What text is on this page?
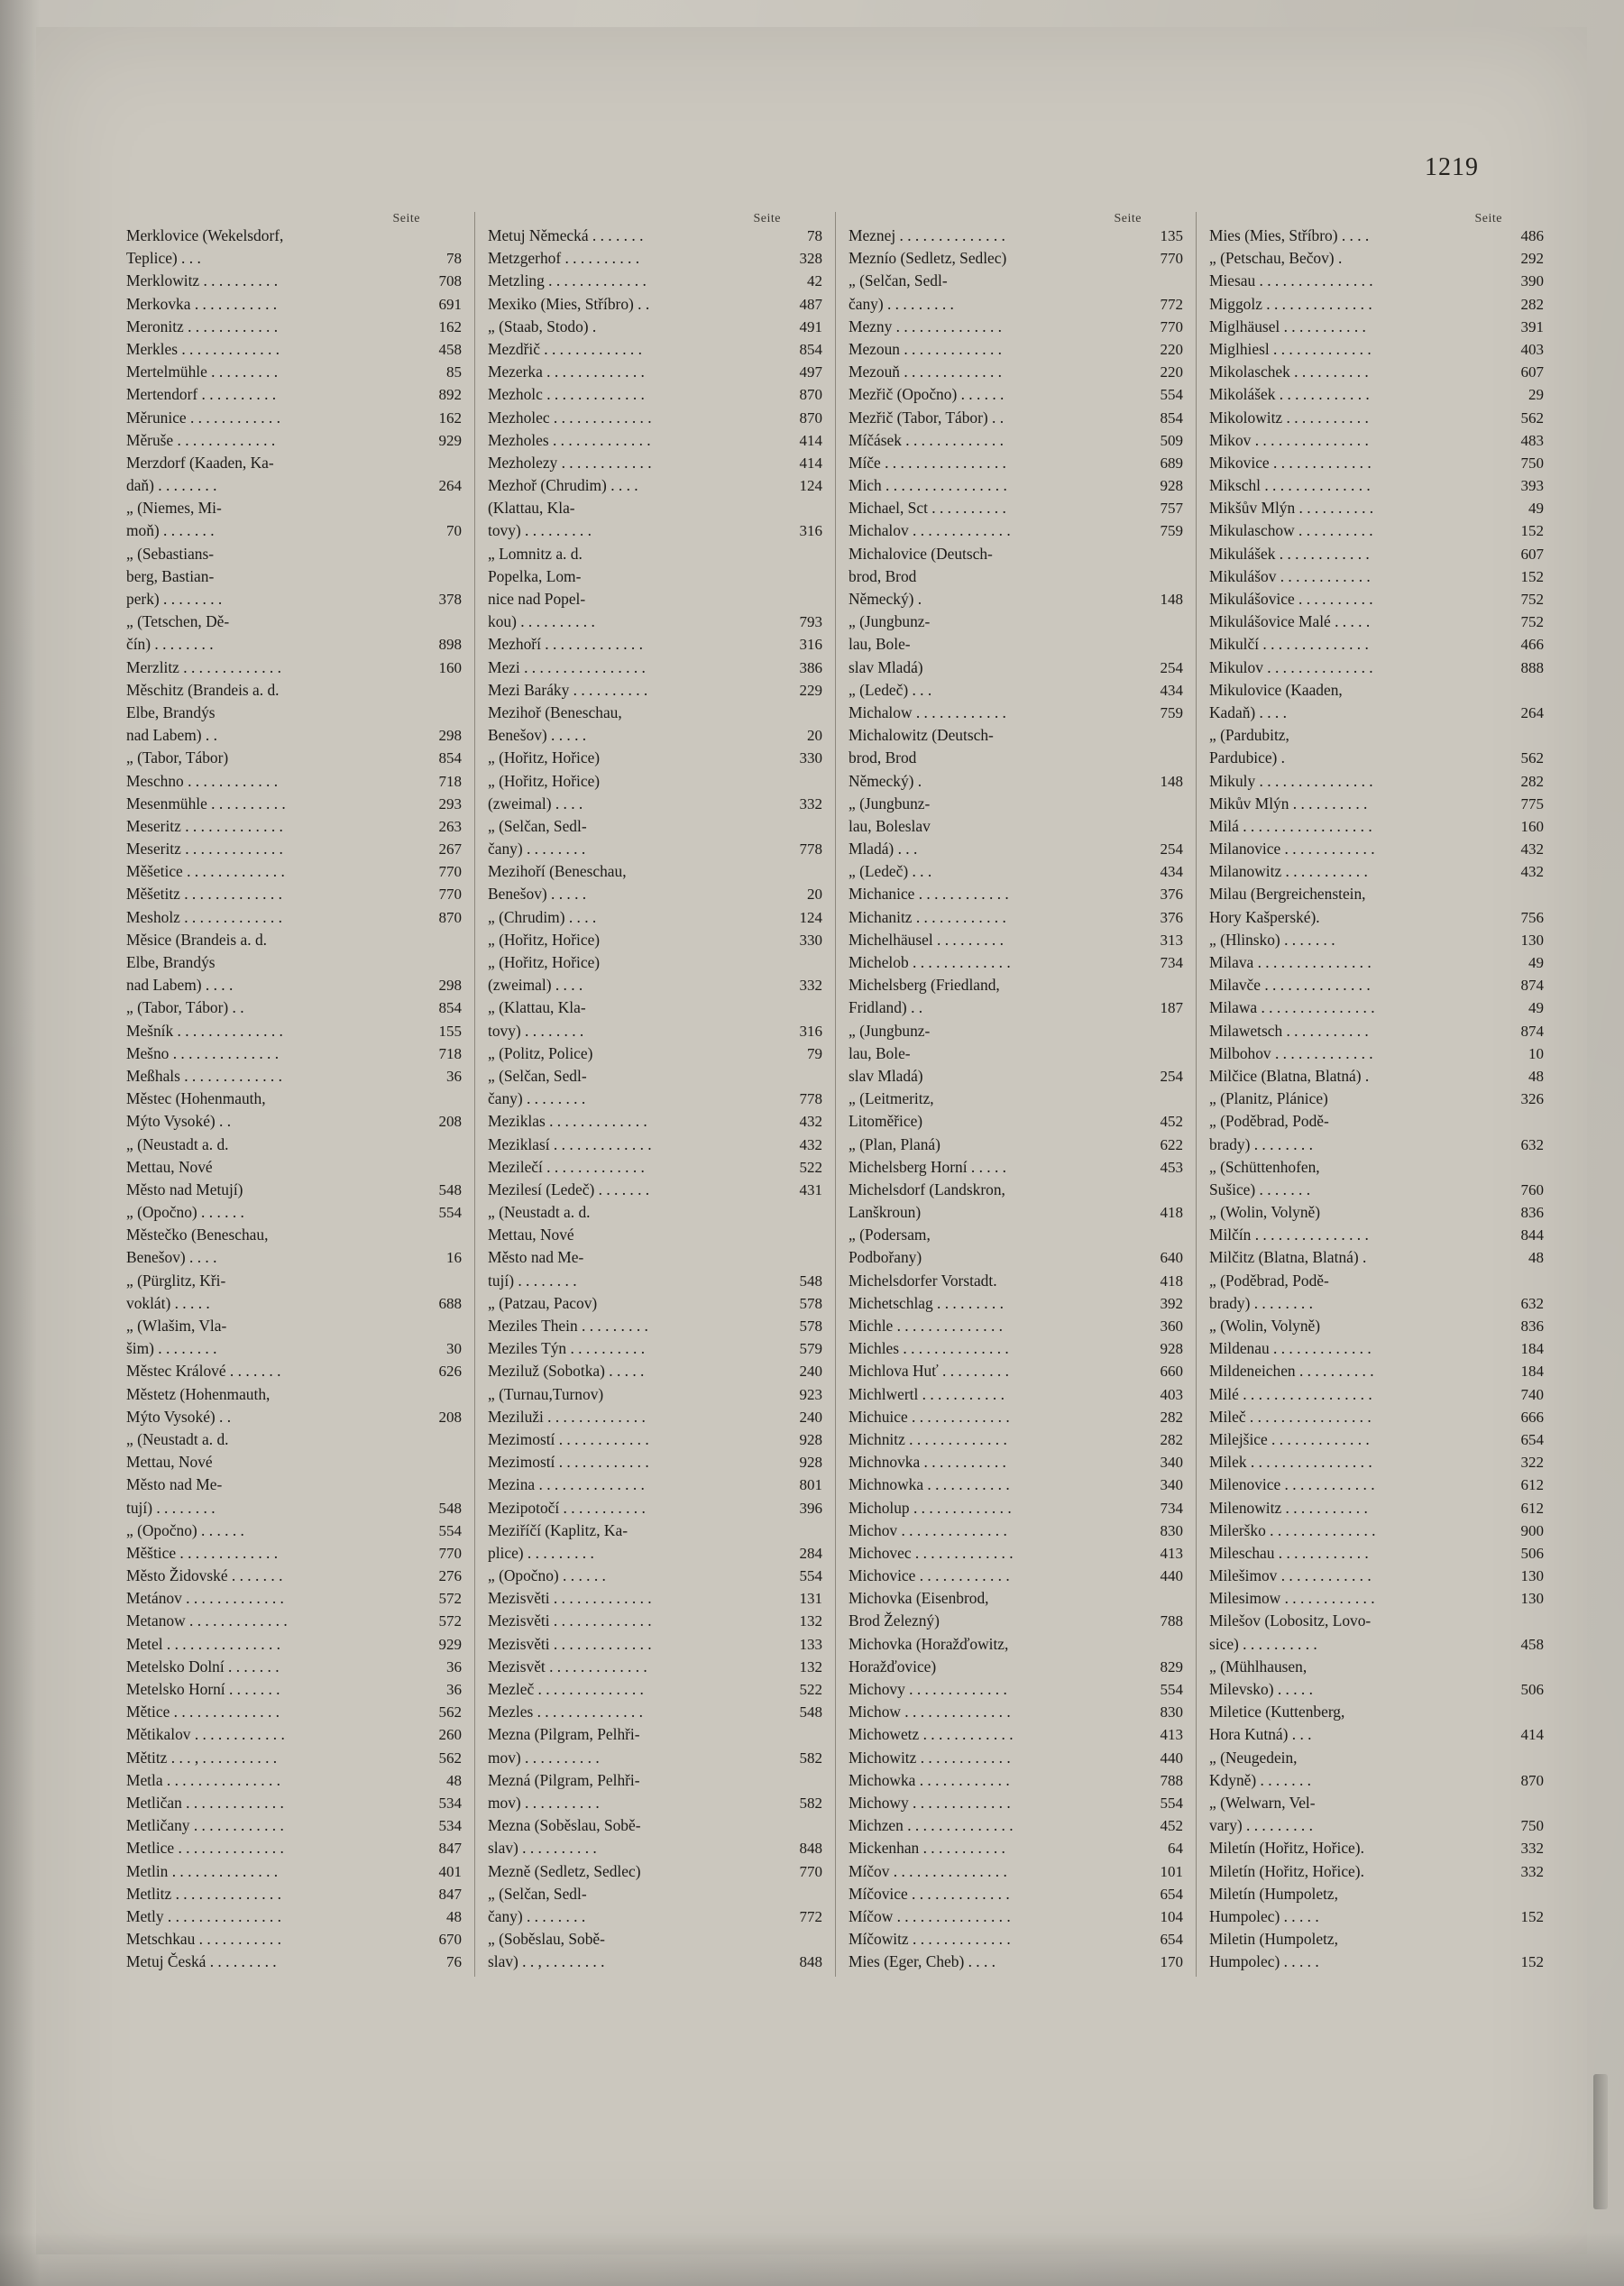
1219
Seite
Merklovice (Wekelsdorf,	
Teplice) . . .	78
Merklowitz . . . . . . . . . .	708
Merkovka . . . . . . . . . . .	691
Meronitz . . . . . . . . . . . .	162
Merkles . . . . . . . . . . . . .	458
Mertelmühle . . . . . . . . .	85
Mertendorf . . . . . . . . . .	892
Měrunice . . . . . . . . . . . .	162
Měruše . . . . . . . . . . . . .	929
Merzdorf (Kaaden, Ka-	
daň) . . . . . . . .	264
„ (Niemes, Mi-	
moň) . . . . . . .	70
„ (Sebastians-	
berg, Bastian-	
perk) . . . . . . . .	378
„ (Tetschen, Dě-	
čín) . . . . . . . .	898
Merzlitz . . . . . . . . . . . . .	160
Měschitz (Brandeis a. d.	
Elbe, Brandýs	
nad Labem) . .	298
„ (Tabor, Tábor)	854
Meschno . . . . . . . . . . . .	718
Mesenmühle . . . . . . . . . .	293
Meseritz . . . . . . . . . . . . .	263
Meseritz . . . . . . . . . . . . .	267
Měšetice . . . . . . . . . . . . .	770
Měšetitz . . . . . . . . . . . . .	770
Mesholz . . . . . . . . . . . . .	870
Měsice (Brandeis a. d.	
Elbe, Brandýs	
nad Labem) . . . .	298
„ (Tabor, Tábor) . .	854
Mešník . . . . . . . . . . . . . .	155
Mešno . . . . . . . . . . . . . .	718
Meßhals . . . . . . . . . . . . .	36
Městec (Hohenmauth,	
Mýto Vysoké) . .	208
„ (Neustadt a. d.	
Mettau, Nové	
Město nad Metují)	548
„ (Opočno) . . . . . .	554
Městečko (Beneschau,	
Benešov) . . . .	16
„ (Pürglitz, Kři-	
voklát) . . . . .	688
„ (Wlašim, Vla-	
šim) . . . . . . . .	30
Městec Králové . . . . . . .	626
Městetz (Hohenmauth,	
Mýto Vysoké) . .	208
„ (Neustadt a. d.	
Mettau, Nové	
Město nad Me-	
tují) . . . . . . . .	548
„ (Opočno) . . . . . .	554
Měštice . . . . . . . . . . . . .	770
Město Židovské . . . . . . .	276
Metánov . . . . . . . . . . . . .	572
Metanow . . . . . . . . . . . . .	572
Metel . . . . . . . . . . . . . . .	929
Metelsko Dolní . . . . . . .	36
Metelsko Horní . . . . . . .	36
Mětice . . . . . . . . . . . . . .	562
Mětikalov . . . . . . . . . . . .	260
Mětitz . . . , . . . . . . . . . .	562
Metla . . . . . . . . . . . . . . .	48
Metličan . . . . . . . . . . . . .	534
Metličany . . . . . . . . . . . .	534
Metlice . . . . . . . . . . . . . .	847
Metlin . . . . . . . . . . . . . .	401
Metlitz . . . . . . . . . . . . . .	847
Metly . . . . . . . . . . . . . . .	48
Metschkau . . . . . . . . . . .	670
Metuj Česká . . . . . . . . .	76
Seite
Metuj Německá . . . . . . .	78
Metzgerhof . . . . . . . . . .	328
Metzling . . . . . . . . . . . . .	42
Mexiko (Mies, Stříbro) . .	487
„ (Staab, Stodo) .	491
Mezdřič . . . . . . . . . . . . .	854
Mezerka . . . . . . . . . . . . .	497
Mezholc . . . . . . . . . . . . .	870
Mezholec . . . . . . . . . . . . .	870
Mezholes . . . . . . . . . . . . .	414
Mezholezy . . . . . . . . . . . .	414
Mezhoř (Chrudim) . . . .	124
(Klattau, Kla-	
tovy) . . . . . . . . .	316
„ Lomnitz a. d.	
Popelka, Lom-	
nice nad Popel-	
kou) . . . . . . . . . .	793
Mezhoří . . . . . . . . . . . . .	316
Mezi . . . . . . . . . . . . . . . .	386
Mezi Baráky . . . . . . . . . .	229
Mezihoř (Beneschau,	
Benešov) . . . . .	20
„ (Hořitz, Hořice)	330
„ (Hořitz, Hořice)	
(zweimal) . . . .	332
„ (Selčan, Sedl-	
čany) . . . . . . . .	778
Mezihoří (Beneschau,	
Benešov) . . . . .	20
„ (Chrudim) . . . .	124
„ (Hořitz, Hořice)	330
„ (Hořitz, Hořice)	
(zweimal) . . . .	332
„ (Klattau, Kla-	
tovy) . . . . . . . .	316
„ (Politz, Police)	79
„ (Selčan, Sedl-	
čany) . . . . . . . .	778
Meziklas . . . . . . . . . . . . .	432
Meziklasí . . . . . . . . . . . . .	432
Mezilečí . . . . . . . . . . . . .	522
Mezilesí (Ledeč) . . . . . . .	431
„ (Neustadt a. d.	
Mettau, Nové	
Město nad Me-	
tují) . . . . . . . .	548
„ (Patzau, Pacov)	578
Meziles Thein . . . . . . . . .	578
Meziles Týn . . . . . . . . . .	579
Meziluž (Sobotka) . . . . .	240
„ (Turnau,Turnov)	923
Meziluži . . . . . . . . . . . . .	240
Mezimostí . . . . . . . . . . . .	928
Mezimostí . . . . . . . . . . . .	928
Mezina . . . . . . . . . . . . . .	801
Mezipotočí . . . . . . . . . . .	396
Meziříčí (Kaplitz, Ka-	
plice) . . . . . . . . .	284
„ (Opočno) . . . . . .	554
Mezisvěti . . . . . . . . . . . . .	131
Mezisvěti . . . . . . . . . . . . .	132
Mezisvěti . . . . . . . . . . . . .	133
Mezisvět . . . . . . . . . . . . .	132
Mezleč . . . . . . . . . . . . . .	522
Mezles . . . . . . . . . . . . . .	548
Mezna (Pilgram, Pelhři-	
mov) . . . . . . . . . .	582
Mezná (Pilgram, Pelhři-	
mov) . . . . . . . . . .	582
Mezna (Soběslau, Sobě-	
slav) . . . . . . . . . .	848
Mezně (Sedletz, Sedlec)	770
„ (Selčan, Sedl-	
čany) . . . . . . . .	772
„ (Soběslau, Sobě-	
slav) . . , . . . . . . . .	848
Seite
Meznej . . . . . . . . . . . . . .	135
Meznío (Sedletz, Sedlec)	770
„ (Selčan, Sedl-	
čany) . . . . . . . . .	772
Mezny . . . . . . . . . . . . . .	770
Mezoun . . . . . . . . . . . . .	220
Mezouň . . . . . . . . . . . . .	220
Mezřič (Opočno) . . . . . .	554
Mezřič (Tabor, Tábor) . .	854
Míčásek . . . . . . . . . . . . .	509
Míče . . . . . . . . . . . . . . . .	689
Mich . . . . . . . . . . . . . . . .	928
Michael, Sct . . . . . . . . . .	757
Michalov . . . . . . . . . . . . .	759
Michalovice (Deutsch-	
brod, Brod	
Německý) .	148
„ (Jungbunz-	
lau, Bole-	
slav Mladá)	254
„ (Ledeč) . . .	434
Michalow . . . . . . . . . . . .	759
Michalowitz (Deutsch-	
brod, Brod	
Německý) .	148
„ (Jungbunz-	
lau, Boleslav	
Mladá) . . .	254
„ (Ledeč) . . .	434
Michanice . . . . . . . . . . . .	376
Michanitz . . . . . . . . . . . .	376
Michelhäusel . . . . . . . . .	313
Michelob . . . . . . . . . . . . .	734
Michelsberg (Friedland,	
Fridland) . .	187
„ (Jungbunz-	
lau, Bole-	
slav Mladá)	254
„ (Leitmeritz,	
Litoměřice)	452
„ (Plan, Planá)	622
Michelsberg Horní . . . . .	453
Michelsdorf (Landskron,	
Lanškroun)	418
„ (Podersam,	
Podbořany)	640
Michelsdorfer Vorstadt.	418
Michetschlag . . . . . . . . .	392
Michle . . . . . . . . . . . . . .	360
Michles . . . . . . . . . . . . . .	928
Michlova Huť . . . . . . . . .	660
Michlwertl . . . . . . . . . . .	403
Michuice . . . . . . . . . . . . .	282
Michnitz . . . . . . . . . . . . .	282
Michnovka . . . . . . . . . . .	340
Michnowka . . . . . . . . . . .	340
Micholup . . . . . . . . . . . . .	734
Michov . . . . . . . . . . . . . .	830
Michovec . . . . . . . . . . . . .	413
Michovice . . . . . . . . . . . .	440
Michovka (Eisenbrod,	
Brod Železný)	788
Michovka (Horažďowitz,	
Horažďovice)	829
Michovy . . . . . . . . . . . . .	554
Michow . . . . . . . . . . . . . .	830
Michowetz . . . . . . . . . . . .	413
Michowitz . . . . . . . . . . . .	440
Michowka . . . . . . . . . . . .	788
Michowy . . . . . . . . . . . . .	554
Michzen . . . . . . . . . . . . . .	452
Mickenhan . . . . . . . . . . .	64
Míčov . . . . . . . . . . . . . . .	101
Míčovice . . . . . . . . . . . . .	654
Míčow . . . . . . . . . . . . . . .	104
Míčowitz . . . . . . . . . . . . .	654
Mies (Eger, Cheb) . . . .	170
Seite
Mies (Mies, Stříbro) . . . .	486
„ (Petschau, Bečov) .	292
Miesau . . . . . . . . . . . . . . .	390
Miggolz . . . . . . . . . . . . . .	282
Miglhäusel . . . . . . . . . . .	391
Miglhiesl . . . . . . . . . . . . .	403
Mikolaschek . . . . . . . . . .	607
Mikolášek . . . . . . . . . . . .	29
Mikolowitz . . . . . . . . . . .	562
Mikov . . . . . . . . . . . . . . .	483
Mikovice . . . . . . . . . . . . .	750
Mikschl . . . . . . . . . . . . . .	393
Mikšův Mlýn . . . . . . . . . .	49
Mikulaschow . . . . . . . . . .	152
Mikulášek . . . . . . . . . . . .	607
Mikulášov . . . . . . . . . . . .	152
Mikulášovice . . . . . . . . . .	752
Mikulášovice Malé . . . . .	752
Mikulčí . . . . . . . . . . . . . .	466
Mikulov . . . . . . . . . . . . . .	888
Mikulovice (Kaaden,	
Kadaň) . . . .	264
„ (Pardubitz,	
Pardubice) .	562
Mikuly . . . . . . . . . . . . . . .	282
Mikův Mlýn . . . . . . . . . .	775
Milá . . . . . . . . . . . . . . . . .	160
Milanovice . . . . . . . . . . . .	432
Milanowitz . . . . . . . . . . .	432
Milau (Bergreichenstein,	
Hory Kašperské).	756
„ (Hlinsko) . . . . . . .	130
Milava . . . . . . . . . . . . . . .	49
Milavče . . . . . . . . . . . . . .	874
Milawa . . . . . . . . . . . . . . .	49
Milawetsch . . . . . . . . . . .	874
Milbohov . . . . . . . . . . . . .	10
Milčice (Blatna, Blatná) .	48
„ (Planitz, Plánice)	326
„ (Poděbrad, Podě-	
brady) . . . . . . . .	632
„ (Schüttenhofen,	
Sušice) . . . . . . .	760
„ (Wolin, Volyně)	836
Milčín . . . . . . . . . . . . . . .	844
Milčitz (Blatna, Blatná) .	48
„ (Poděbrad, Podě-	
brady) . . . . . . . .	632
„ (Wolin, Volyně)	836
Mildenau . . . . . . . . . . . . .	184
Mildeneichen . . . . . . . . . .	184
Milé . . . . . . . . . . . . . . . . .	740
Mileč . . . . . . . . . . . . . . . .	666
Milejšice . . . . . . . . . . . . .	654
Milek . . . . . . . . . . . . . . . .	322
Milenovice . . . . . . . . . . . .	612
Milenowitz . . . . . . . . . . .	612
Milerško . . . . . . . . . . . . . .	900
Mileschau . . . . . . . . . . . .	506
Milešimov . . . . . . . . . . . .	130
Milesimow . . . . . . . . . . . .	130
Milešov (Lobositz, Lovo-	
sice) . . . . . . . . . .	458
„ (Mühlhausen,	
Milevsko) . . . . .	506
Miletice (Kuttenberg,	
Hora Kutná) . . .	414
„ (Neugedein,	
Kdyně) . . . . . . .	870
„ (Welwarn, Vel-	
vary) . . . . . . . . .	750
Miletín (Hořitz, Hořice).	332
Miletín (Hořitz, Hořice).	332
Miletín (Humpoletz,	
Humpolec) . . . . .	152
Miletin (Humpoletz,	
Humpolec) . . . . .	152
